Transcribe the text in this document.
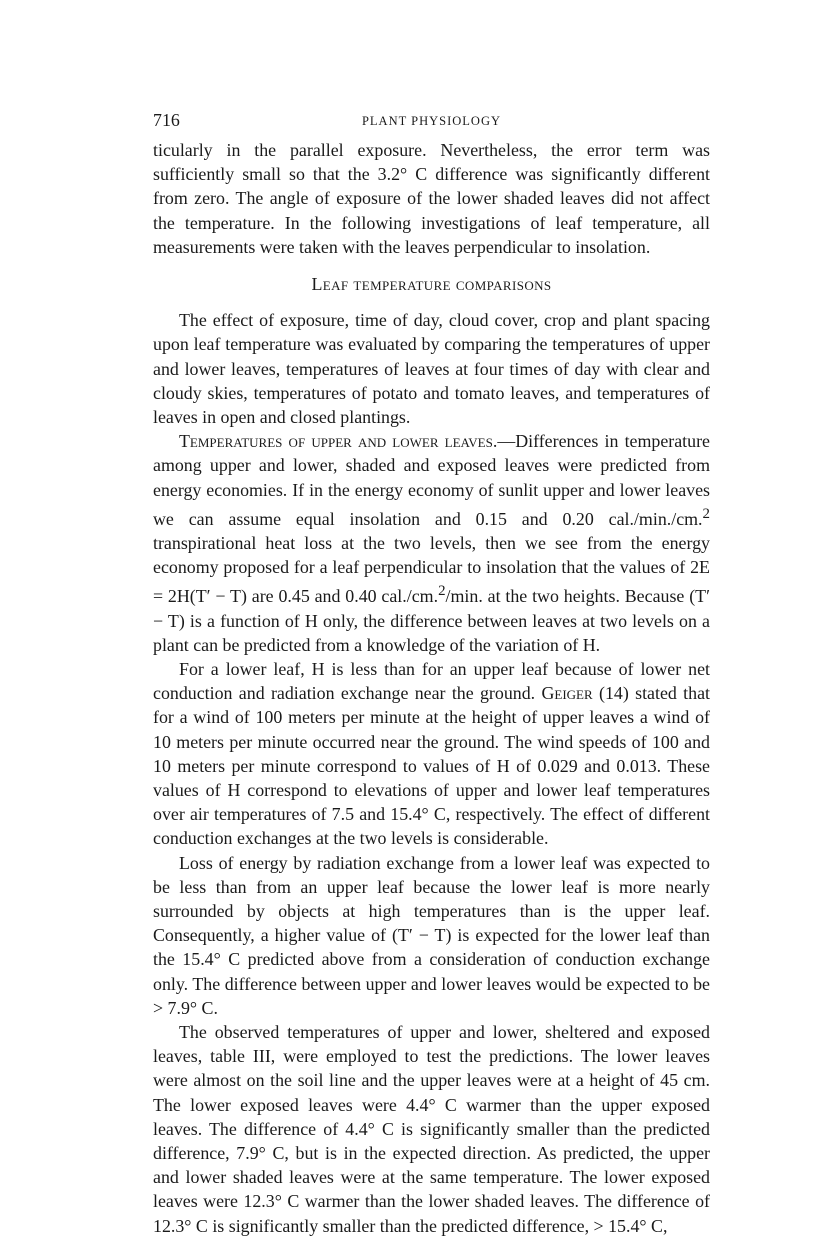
716	PLANT PHYSIOLOGY

ticularly in the parallel exposure. Nevertheless, the error term was sufficiently small so that the 3.2° C difference was significantly different from zero. The angle of exposure of the lower shaded leaves did not affect the temperature. In the following investigations of leaf temperature, all measurements were taken with the leaves perpendicular to insolation.

Leaf temperature comparisons

The effect of exposure, time of day, cloud cover, crop and plant spacing upon leaf temperature was evaluated by comparing the temperatures of upper and lower leaves, temperatures of leaves at four times of day with clear and cloudy skies, temperatures of potato and tomato leaves, and temperatures of leaves in open and closed plantings.

Temperatures of upper and lower leaves.—Differences in temperature among upper and lower, shaded and exposed leaves were predicted from energy economies. If in the energy economy of sunlit upper and lower leaves we can assume equal insolation and 0.15 and 0.20 cal./min./cm.$^2$ transpirational heat loss at the two levels, then we see from the energy economy proposed for a leaf perpendicular to insolation that the values of 2E = 2H(T′ − T) are 0.45 and 0.40 cal./cm.$^2$/min. at the two heights. Because (T′ − T) is a function of H only, the difference between leaves at two levels on a plant can be predicted from a knowledge of the variation of H.

For a lower leaf, H is less than for an upper leaf because of lower net conduction and radiation exchange near the ground. Geiger (14) stated that for a wind of 100 meters per minute at the height of upper leaves a wind of 10 meters per minute occurred near the ground. The wind speeds of 100 and 10 meters per minute correspond to values of H of 0.029 and 0.013. These values of H correspond to elevations of upper and lower leaf temperatures over air temperatures of 7.5 and 15.4° C, respectively. The effect of different conduction exchanges at the two levels is considerable.

Loss of energy by radiation exchange from a lower leaf was expected to be less than from an upper leaf because the lower leaf is more nearly surrounded by objects at high temperatures than is the upper leaf. Consequently, a higher value of (T′ − T) is expected for the lower leaf than the 15.4° C predicted above from a consideration of conduction exchange only. The difference between upper and lower leaves would be expected to be > 7.9° C.

The observed temperatures of upper and lower, sheltered and exposed leaves, table III, were employed to test the predictions. The lower leaves were almost on the soil line and the upper leaves were at a height of 45 cm. The lower exposed leaves were 4.4° C warmer than the upper exposed leaves. The difference of 4.4° C is significantly smaller than the predicted difference, 7.9° C, but is in the expected direction. As predicted, the upper and lower shaded leaves were at the same temperature. The lower exposed leaves were 12.3° C warmer than the lower shaded leaves. The difference of 12.3° C is significantly smaller than the predicted difference, > 15.4° C,
